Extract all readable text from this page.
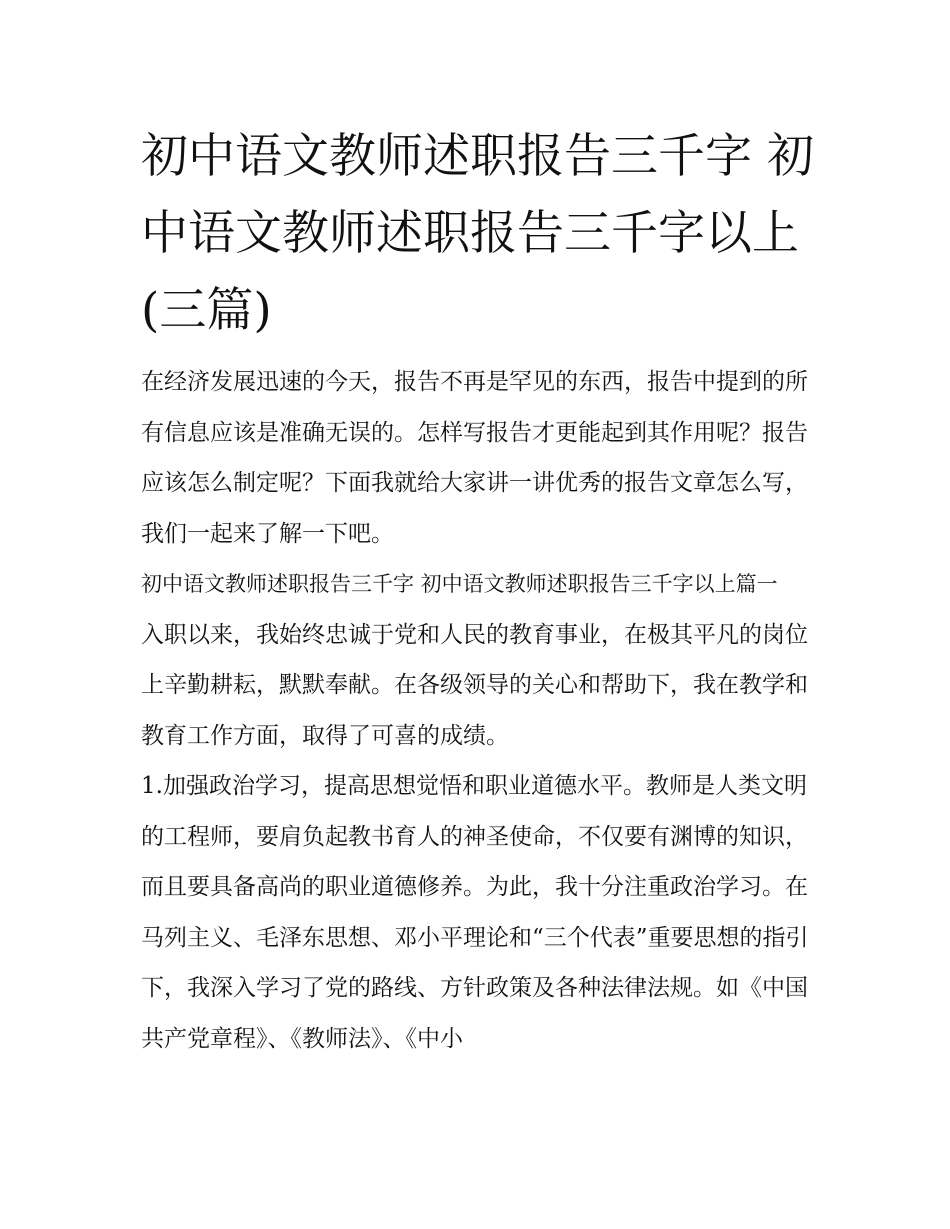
初中语文教师述职报告三千字 初中语文教师述职报告三千字以上(三篇)

在经济发展迅速的今天，报告不再是罕见的东西，报告中提到的所有信息应该是准确无误的。怎样写报告才更能起到其作用呢？报告应该怎么制定呢？下面我就给大家讲一讲优秀的报告文章怎么写，我们一起来了解一下吧。

初中语文教师述职报告三千字 初中语文教师述职报告三千字以上篇一

入职以来，我始终忠诚于党和人民的教育事业，在极其平凡的岗位上辛勤耕耘，默默奉献。在各级领导的关心和帮助下，我在教学和教育工作方面，取得了可喜的成绩。

1.加强政治学习，提高思想觉悟和职业道德水平。教师是人类文明的工程师，要肩负起教书育人的神圣使命，不仅要有渊博的知识，而且要具备高尚的职业道德修养。为此，我十分注重政治学习。在马列主义、毛泽东思想、邓小平理论和“三个代表”重要思想的指引下，我深入学习了党的路线、方针政策及各种法律法规。如《中国共产党章程》、《教师法》、《中小
